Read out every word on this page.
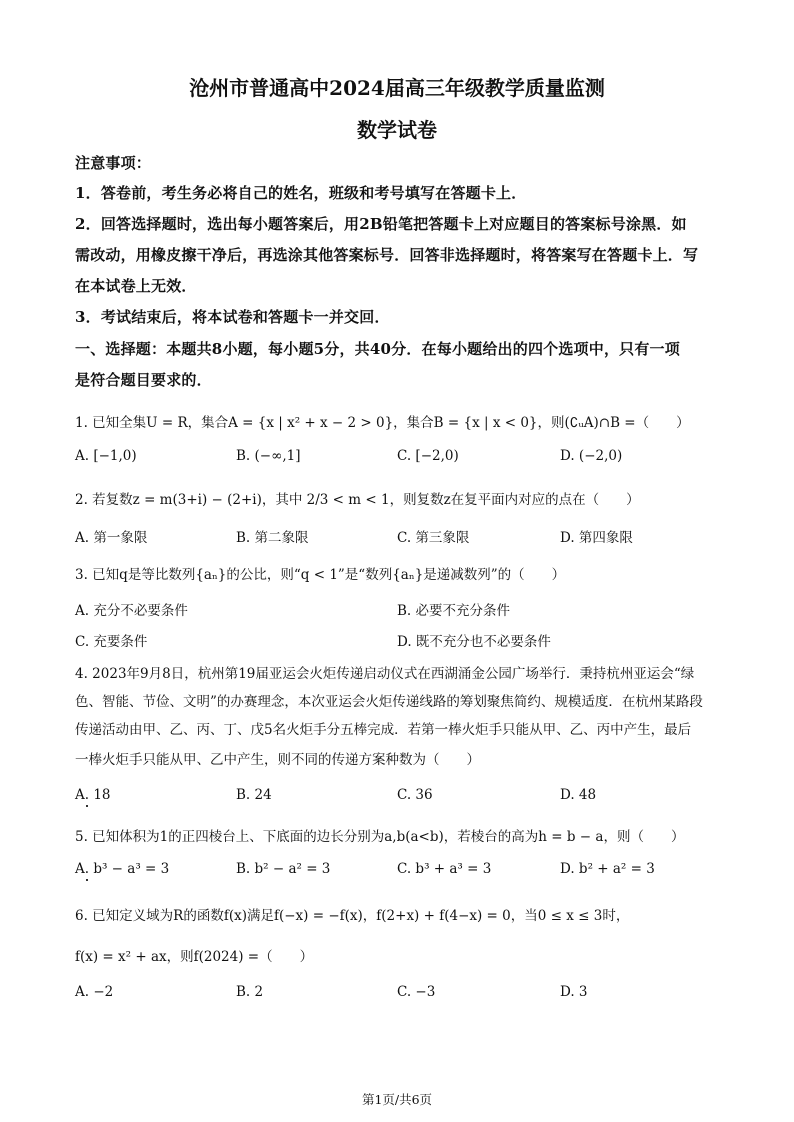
沧州市普通高中2024届高三年级教学质量监测
数学试卷
注意事项：
1．答卷前，考生务必将自己的姓名，班级和考号填写在答题卡上．
2．回答选择题时，选出每小题答案后，用2B铅笔把答题卡上对应题目的答案标号涂黑．如
需改动，用橡皮擦干净后，再选涂其他答案标号．回答非选择题时，将答案写在答题卡上．写
在本试卷上无效．
3．考试结束后，将本试卷和答题卡一并交回．
一、选择题：本题共8小题，每小题5分，共40分．在每小题给出的四个选项中，只有一项
是符合题目要求的．
1. 已知全集U = R，集合A = {x | x² + x − 2 > 0}，集合B = {x | x < 0}，则(∁ᵤA)∩B =（　　）
A. [−1,0)	B. (−∞,1]	C. [−2,0)	D. (−2,0)
2. 若复数z = m(3+i) − (2+i)，其中 2/3 < m < 1，则复数z在复平面内对应的点在（　　）
A. 第一象限	B. 第二象限	C. 第三象限	D. 第四象限
3. 已知q是等比数列{aₙ}的公比，则“q < 1”是“数列{aₙ}是递减数列”的（　　）
A. 充分不必要条件	B. 必要不充分条件
C. 充要条件	D. 既不充分也不必要条件
4. 2023年9月8日，杭州第19届亚运会火炬传递启动仪式在西湖涌金公园广场举行．秉持杭州亚运会“绿
色、智能、节俭、文明”的办赛理念，本次亚运会火炬传递线路的筹划聚焦简约、规模适度．在杭州某路段
传递活动由甲、乙、丙、丁、戊5名火炬手分五棒完成．若第一棒火炬手只能从甲、乙、丙中产生，最后
一棒火炬手只能从甲、乙中产生，则不同的传递方案种数为（　　）
A. 18	B. 24	C. 36	D. 48
5. 已知体积为1的正四棱台上、下底面的边长分别为a,b(a<b)，若棱台的高为h = b − a，则（　　）
A. b³ − a³ = 3	B. b² − a² = 3	C. b³ + a³ = 3	D. b² + a² = 3
6. 已知定义域为R的函数f(x)满足f(−x) = −f(x)，f(2+x) + f(4−x) = 0，当0 ≤ x ≤ 3时，
f(x) = x² + ax，则f(2024) =（　　）
A. −2	B. 2	C. −3	D. 3
第1页/共6页
